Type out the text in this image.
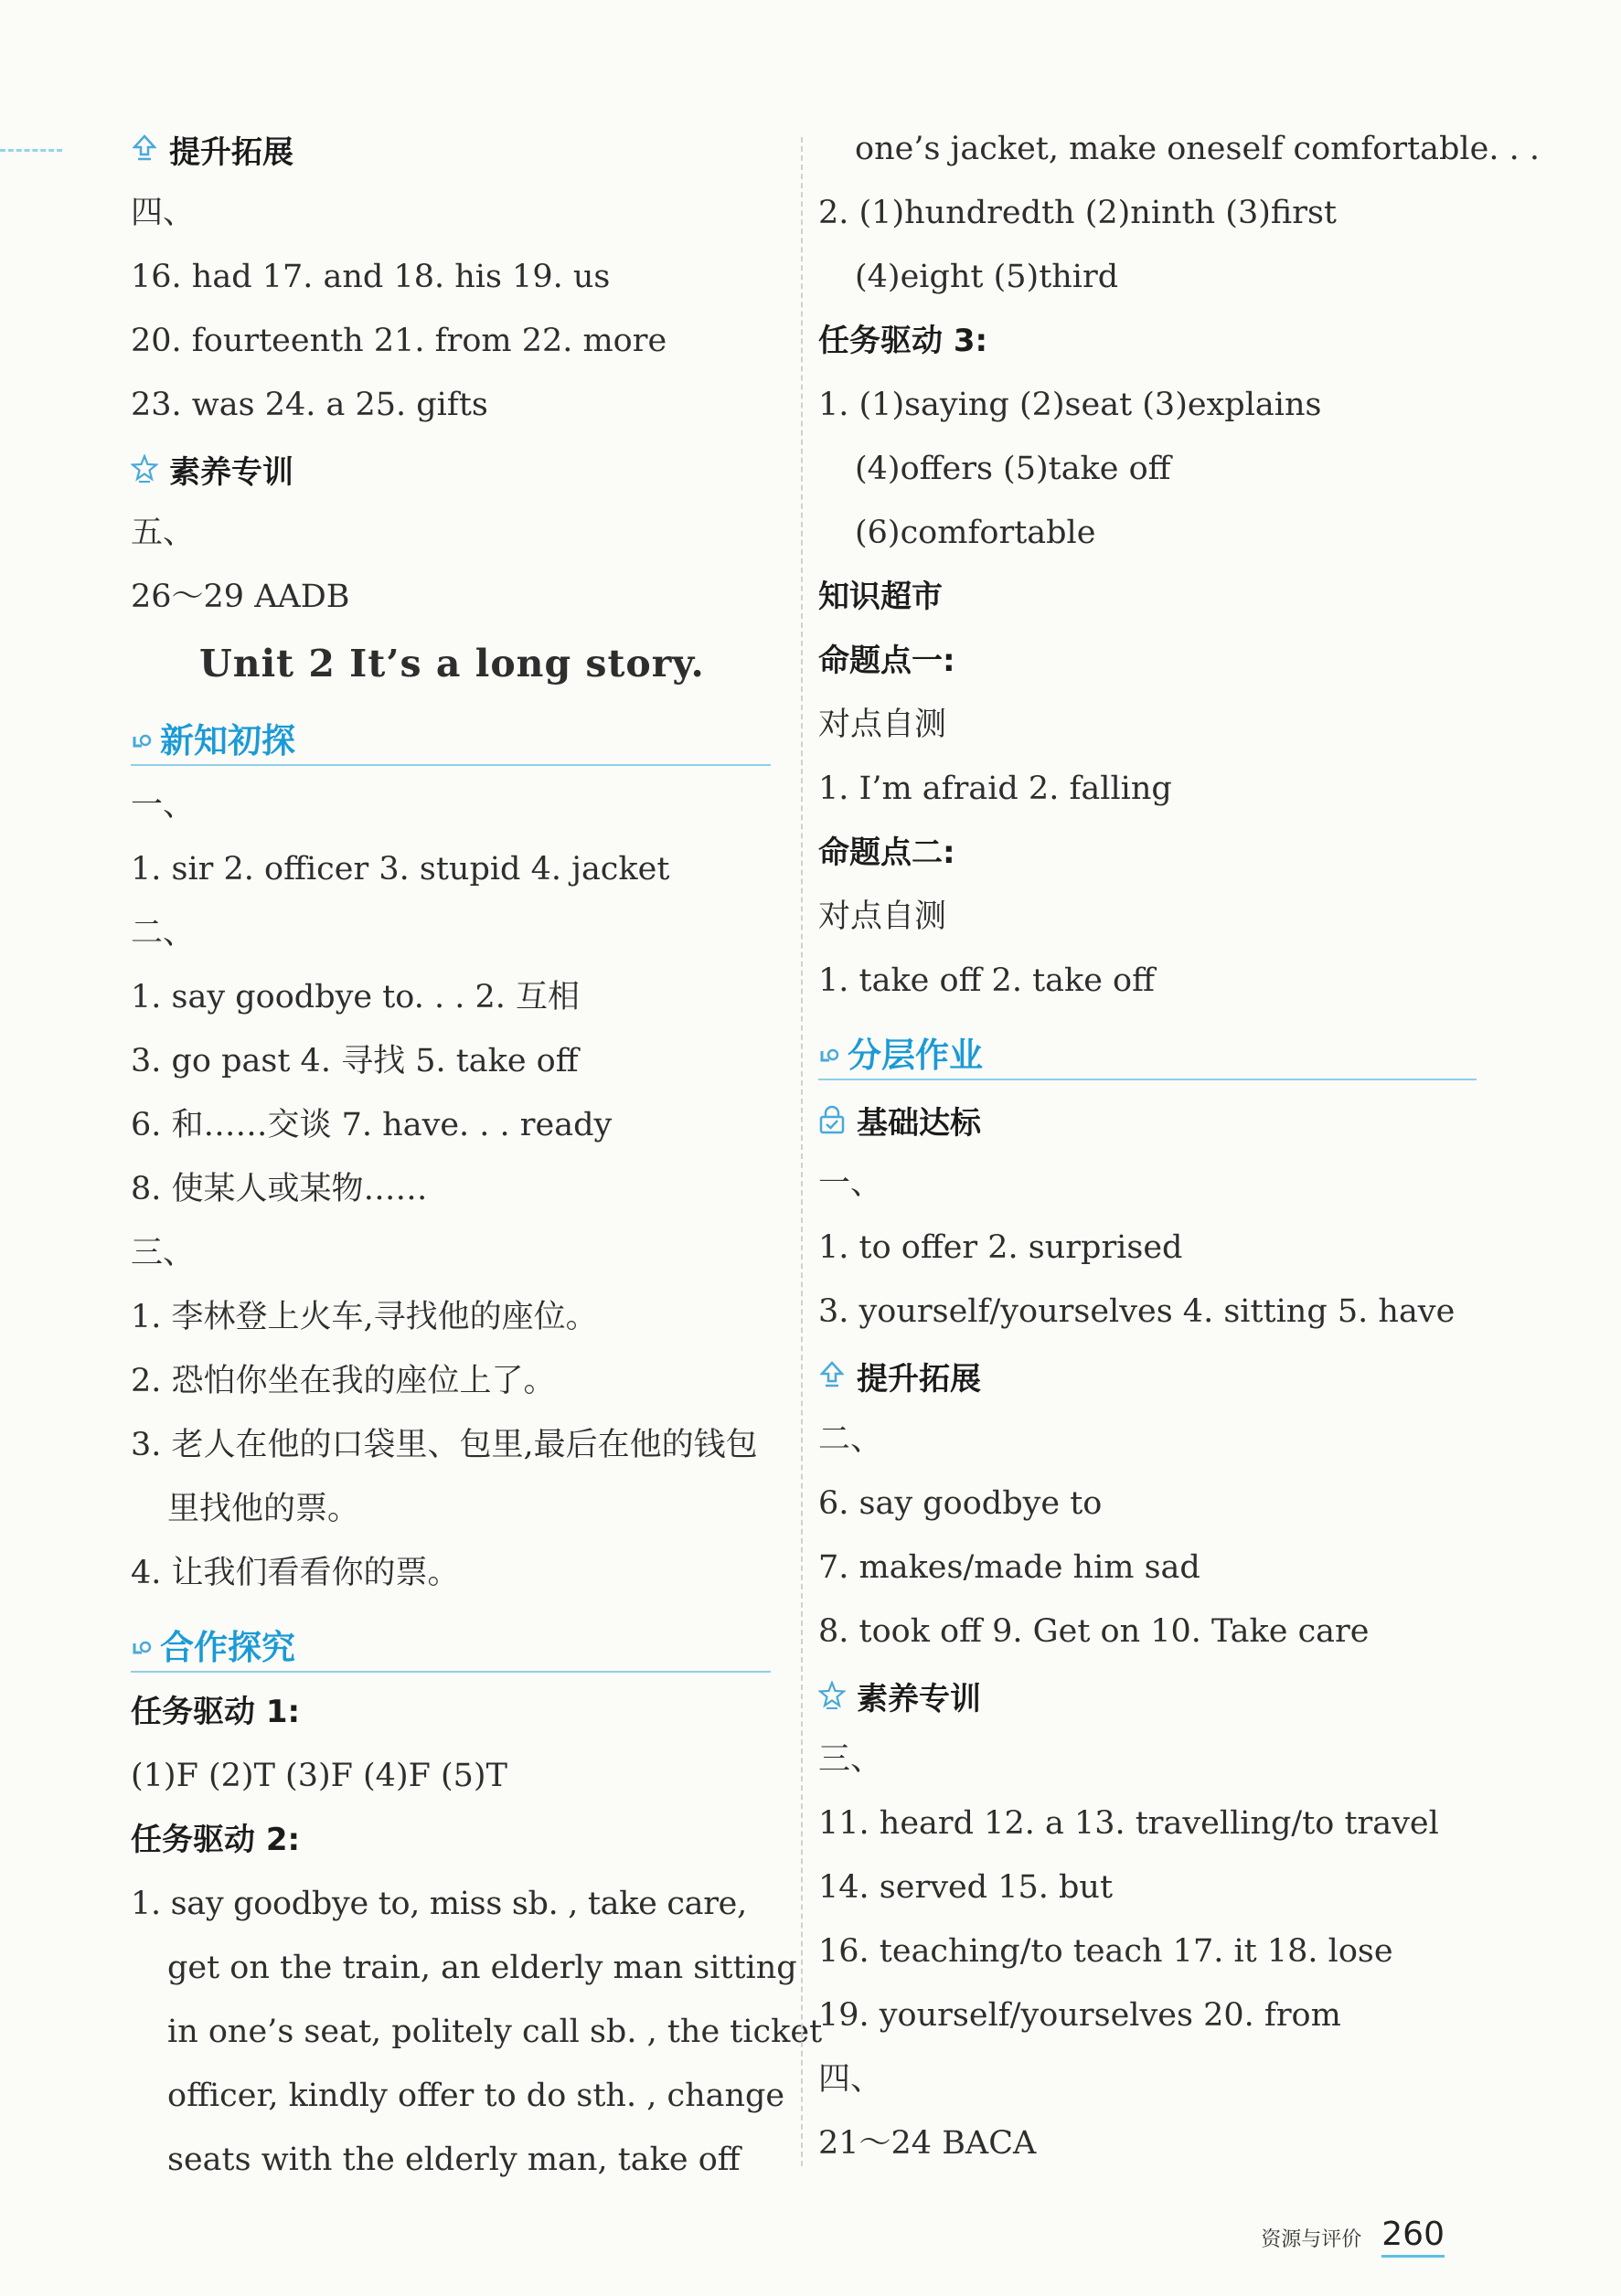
提升拓展
四、
16. had 17. and 18. his 19. us
20. fourteenth 21. from 22. more
23. was 24. a 25. gifts
素养专训
五、
26～29 AADB
Unit 2 It’s a long story.
新知初探
一、
1. sir 2. officer 3. stupid 4. jacket
二、
1. say goodbye to. . . 2. 互相
3. go past 4. 寻找 5. take off
6. 和……交谈 7. have. . . ready
8. 使某人或某物……
三、
1. 李林登上火车,寻找他的座位。
2. 恐怕你坐在我的座位上了。
3. 老人在他的口袋里、包里,最后在他的钱包
里找他的票。
4. 让我们看看你的票。
合作探究
任务驱动 1:
(1)F (2)T (3)F (4)F (5)T
任务驱动 2:
1. say goodbye to, miss sb. , take care,
get on the train, an elderly man sitting
in one’s seat, politely call sb. , the ticket
officer, kindly offer to do sth. , change
seats with the elderly man, take off
one’s jacket, make oneself comfortable. . .
2. (1)hundredth (2)ninth (3)first
(4)eight (5)third
任务驱动 3:
1. (1)saying (2)seat (3)explains
(4)offers (5)take off
(6)comfortable
知识超市
命题点一:
对点自测
1. I’m afraid 2. falling
命题点二:
对点自测
1. take off 2. take off
分层作业
基础达标
一、
1. to offer 2. surprised
3. yourself/yourselves 4. sitting 5. have
提升拓展
二、
6. say goodbye to
7. makes/made him sad
8. took off 9. Get on 10. Take care
素养专训
三、
11. heard 12. a 13. travelling/to travel
14. served 15. but
16. teaching/to teach 17. it 18. lose
19. yourself/yourselves 20. from
四、
21～24 BACA
资源与评价 260
